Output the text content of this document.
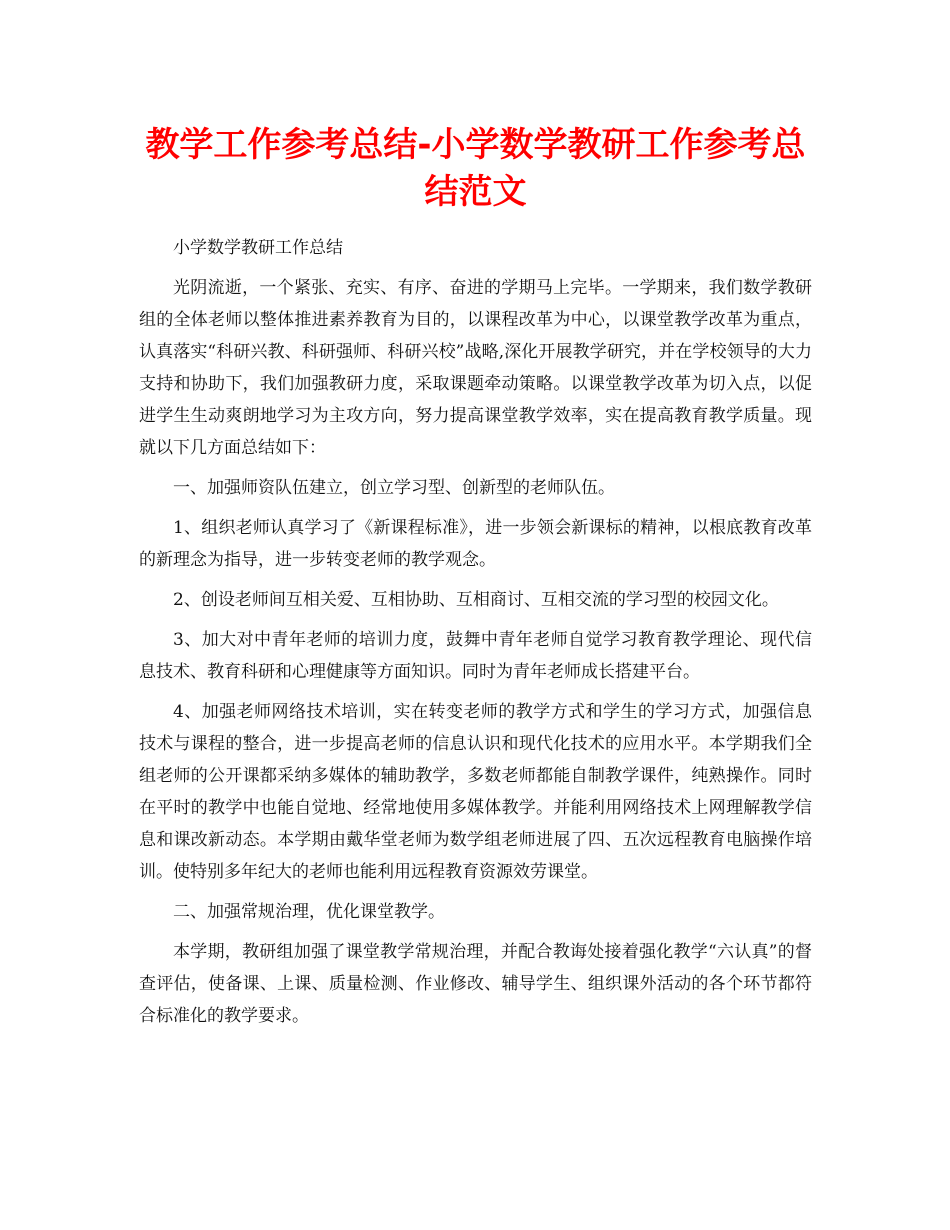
教学工作参考总结-小学数学教研工作参考总结范文

小学数学教研工作总结

光阴流逝，一个紧张、充实、有序、奋进的学期马上完毕。一学期来，我们数学教研组的全体老师以整体推进素养教育为目的，以课程改革为中心，以课堂教学改革为重点，认真落实“科研兴教、科研强师、科研兴校”战略,深化开展教学研究，并在学校领导的大力支持和协助下，我们加强教研力度，采取课题牵动策略。以课堂教学改革为切入点，以促进学生生动爽朗地学习为主攻方向，努力提高课堂教学效率，实在提高教育教学质量。现就以下几方面总结如下：

一、加强师资队伍建立，创立学习型、创新型的老师队伍。

1、组织老师认真学习了《新课程标准》，进一步领会新课标的精神，以根底教育改革的新理念为指导，进一步转变老师的教学观念。

2、创设老师间互相关爱、互相协助、互相商讨、互相交流的学习型的校园文化。

3、加大对中青年老师的培训力度，鼓舞中青年老师自觉学习教育教学理论、现代信息技术、教育科研和心理健康等方面知识。同时为青年老师成长搭建平台。

4、加强老师网络技术培训，实在转变老师的教学方式和学生的学习方式，加强信息技术与课程的整合，进一步提高老师的信息认识和现代化技术的应用水平。本学期我们全组老师的公开课都采纳多媒体的辅助教学，多数老师都能自制教学课件，纯熟操作。同时在平时的教学中也能自觉地、经常地使用多媒体教学。并能利用网络技术上网理解教学信息和课改新动态。本学期由戴华堂老师为数学组老师进展了四、五次远程教育电脑操作培训。使特别多年纪大的老师也能利用远程教育资源效劳课堂。

二、加强常规治理，优化课堂教学。

本学期，教研组加强了课堂教学常规治理，并配合教诲处接着强化教学“六认真”的督查评估，使备课、上课、质量检测、作业修改、辅导学生、组织课外活动的各个环节都符合标准化的教学要求。
